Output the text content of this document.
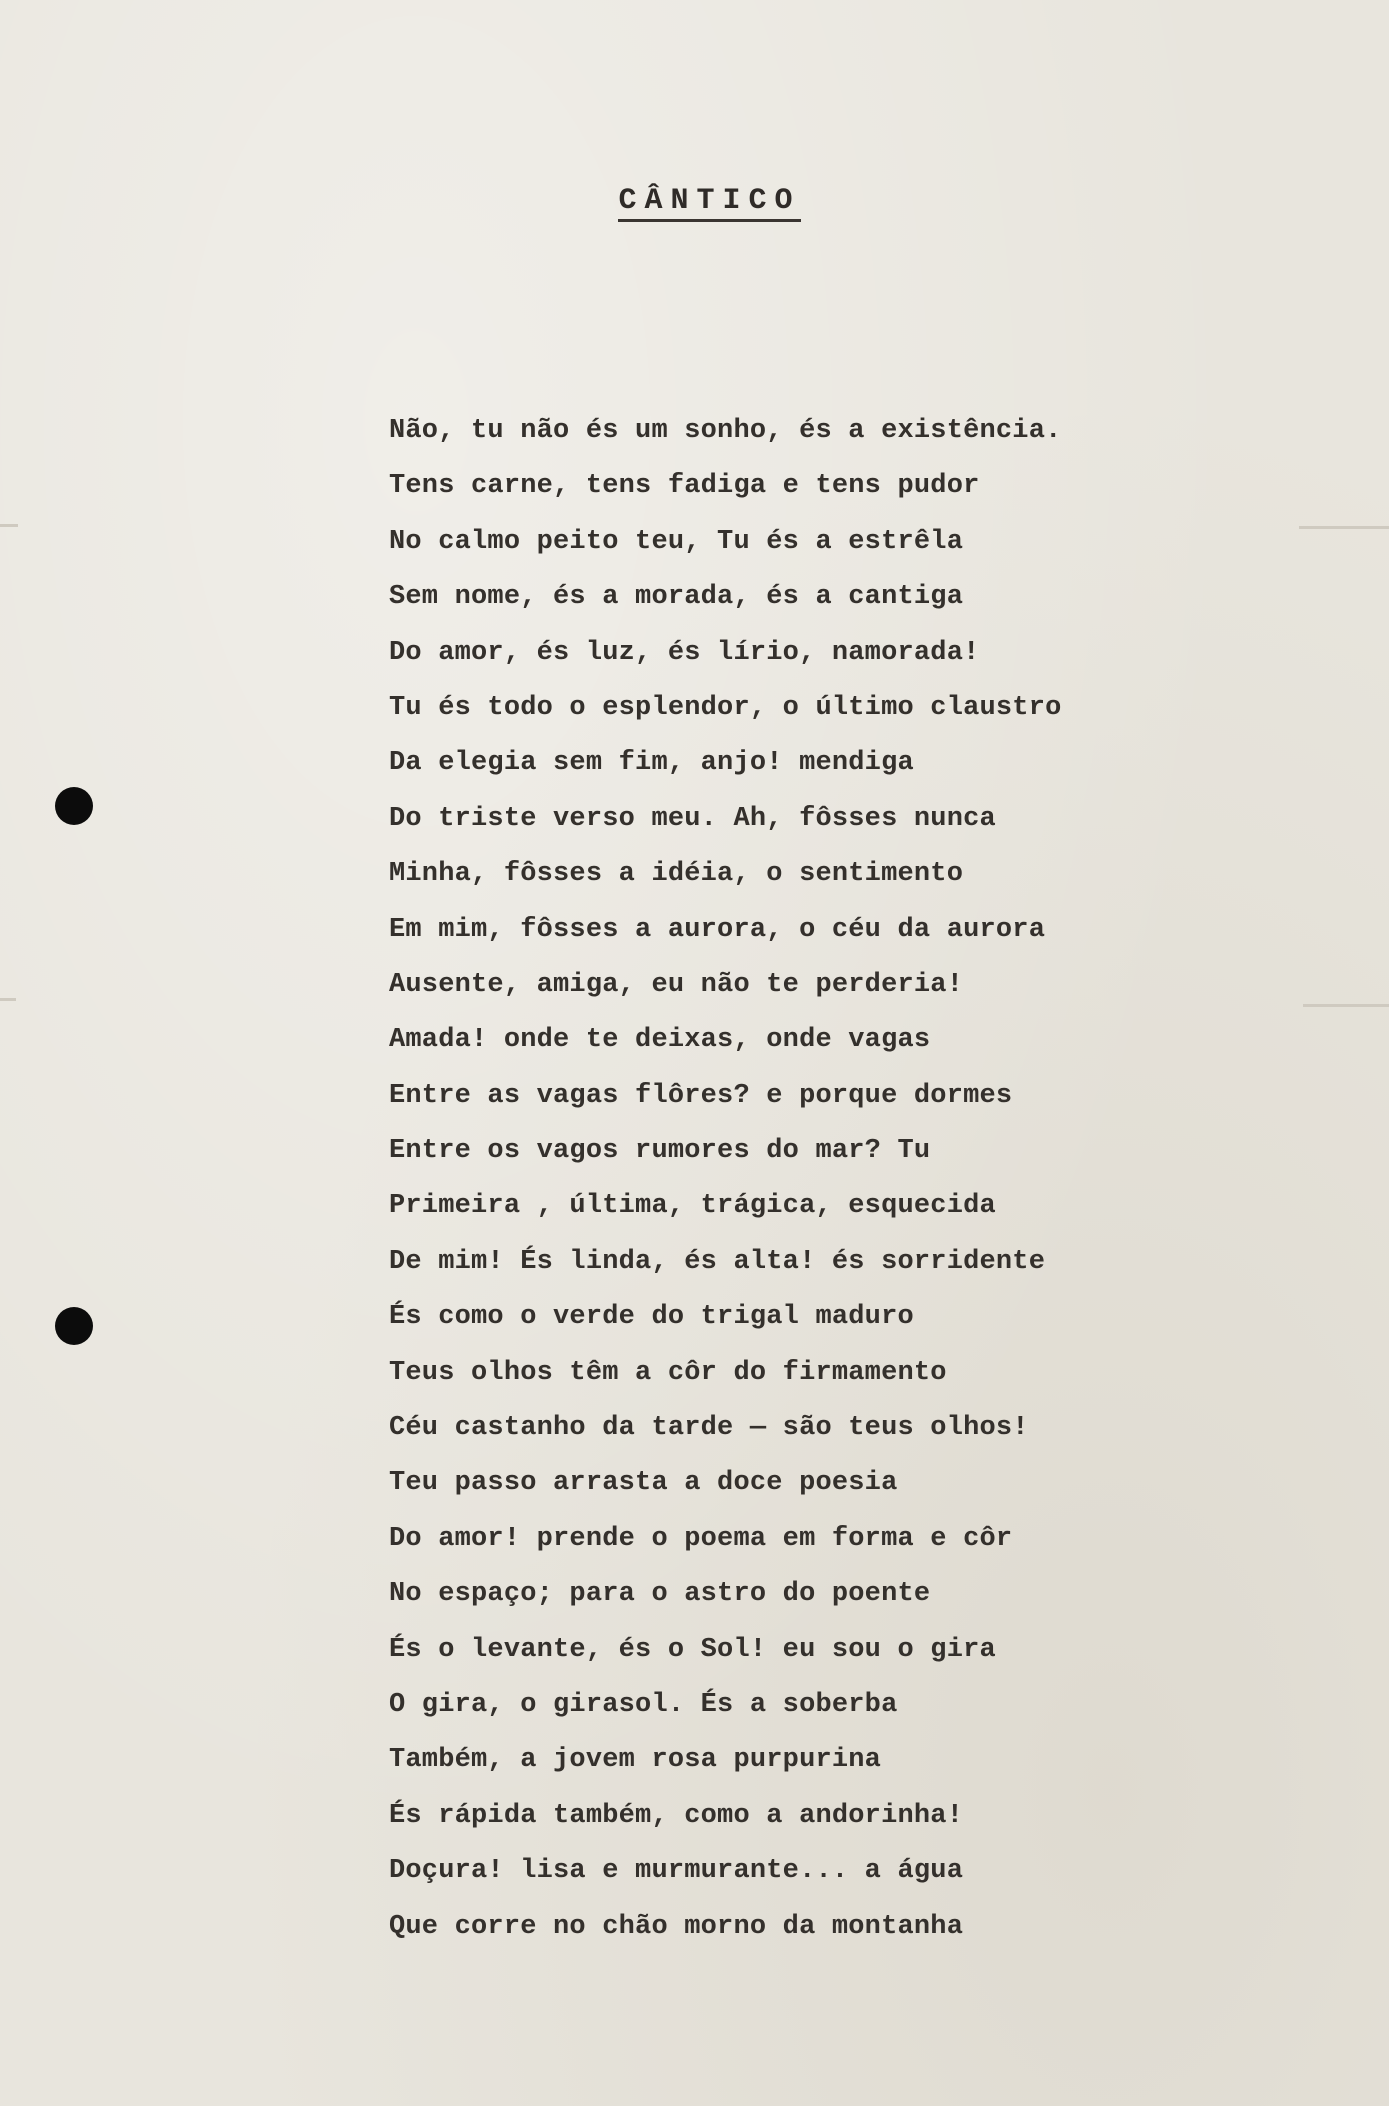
CÂNTICO
Não, tu não és um sonho, és a existência.
Tens carne, tens fadiga e tens pudor
No calmo peito teu, Tu és a estrêla
Sem nome, és a morada, és a cantiga
Do amor, és luz, és lírio, namorada!
Tu és todo o esplendor, o último claustro
Da elegia sem fim, anjo! mendiga
Do triste verso meu. Ah, fôsses nunca
Minha, fôsses a idéia, o sentimento
Em mim, fôsses a aurora, o céu da aurora
Ausente, amiga, eu não te perderia!
Amada! onde te deixas, onde vagas
Entre as vagas flôres? e porque dormes
Entre os vagos rumores do mar? Tu
Primeira , última, trágica, esquecida
De mim! És linda, és alta! és sorridente
És como o verde do trigal maduro
Teus olhos têm a côr do firmamento
Céu castanho da tarde — são teus olhos!
Teu passo arrasta a doce poesia
Do amor! prende o poema em forma e côr
No espaço; para o astro do poente
És o levante, és o Sol! eu sou o gira
O gira, o girasol. És a soberba
Também, a jovem rosa purpurina
És rápida também, como a andorinha!
Doçura! lisa e murmurante... a água
Que corre no chão morno da montanha
